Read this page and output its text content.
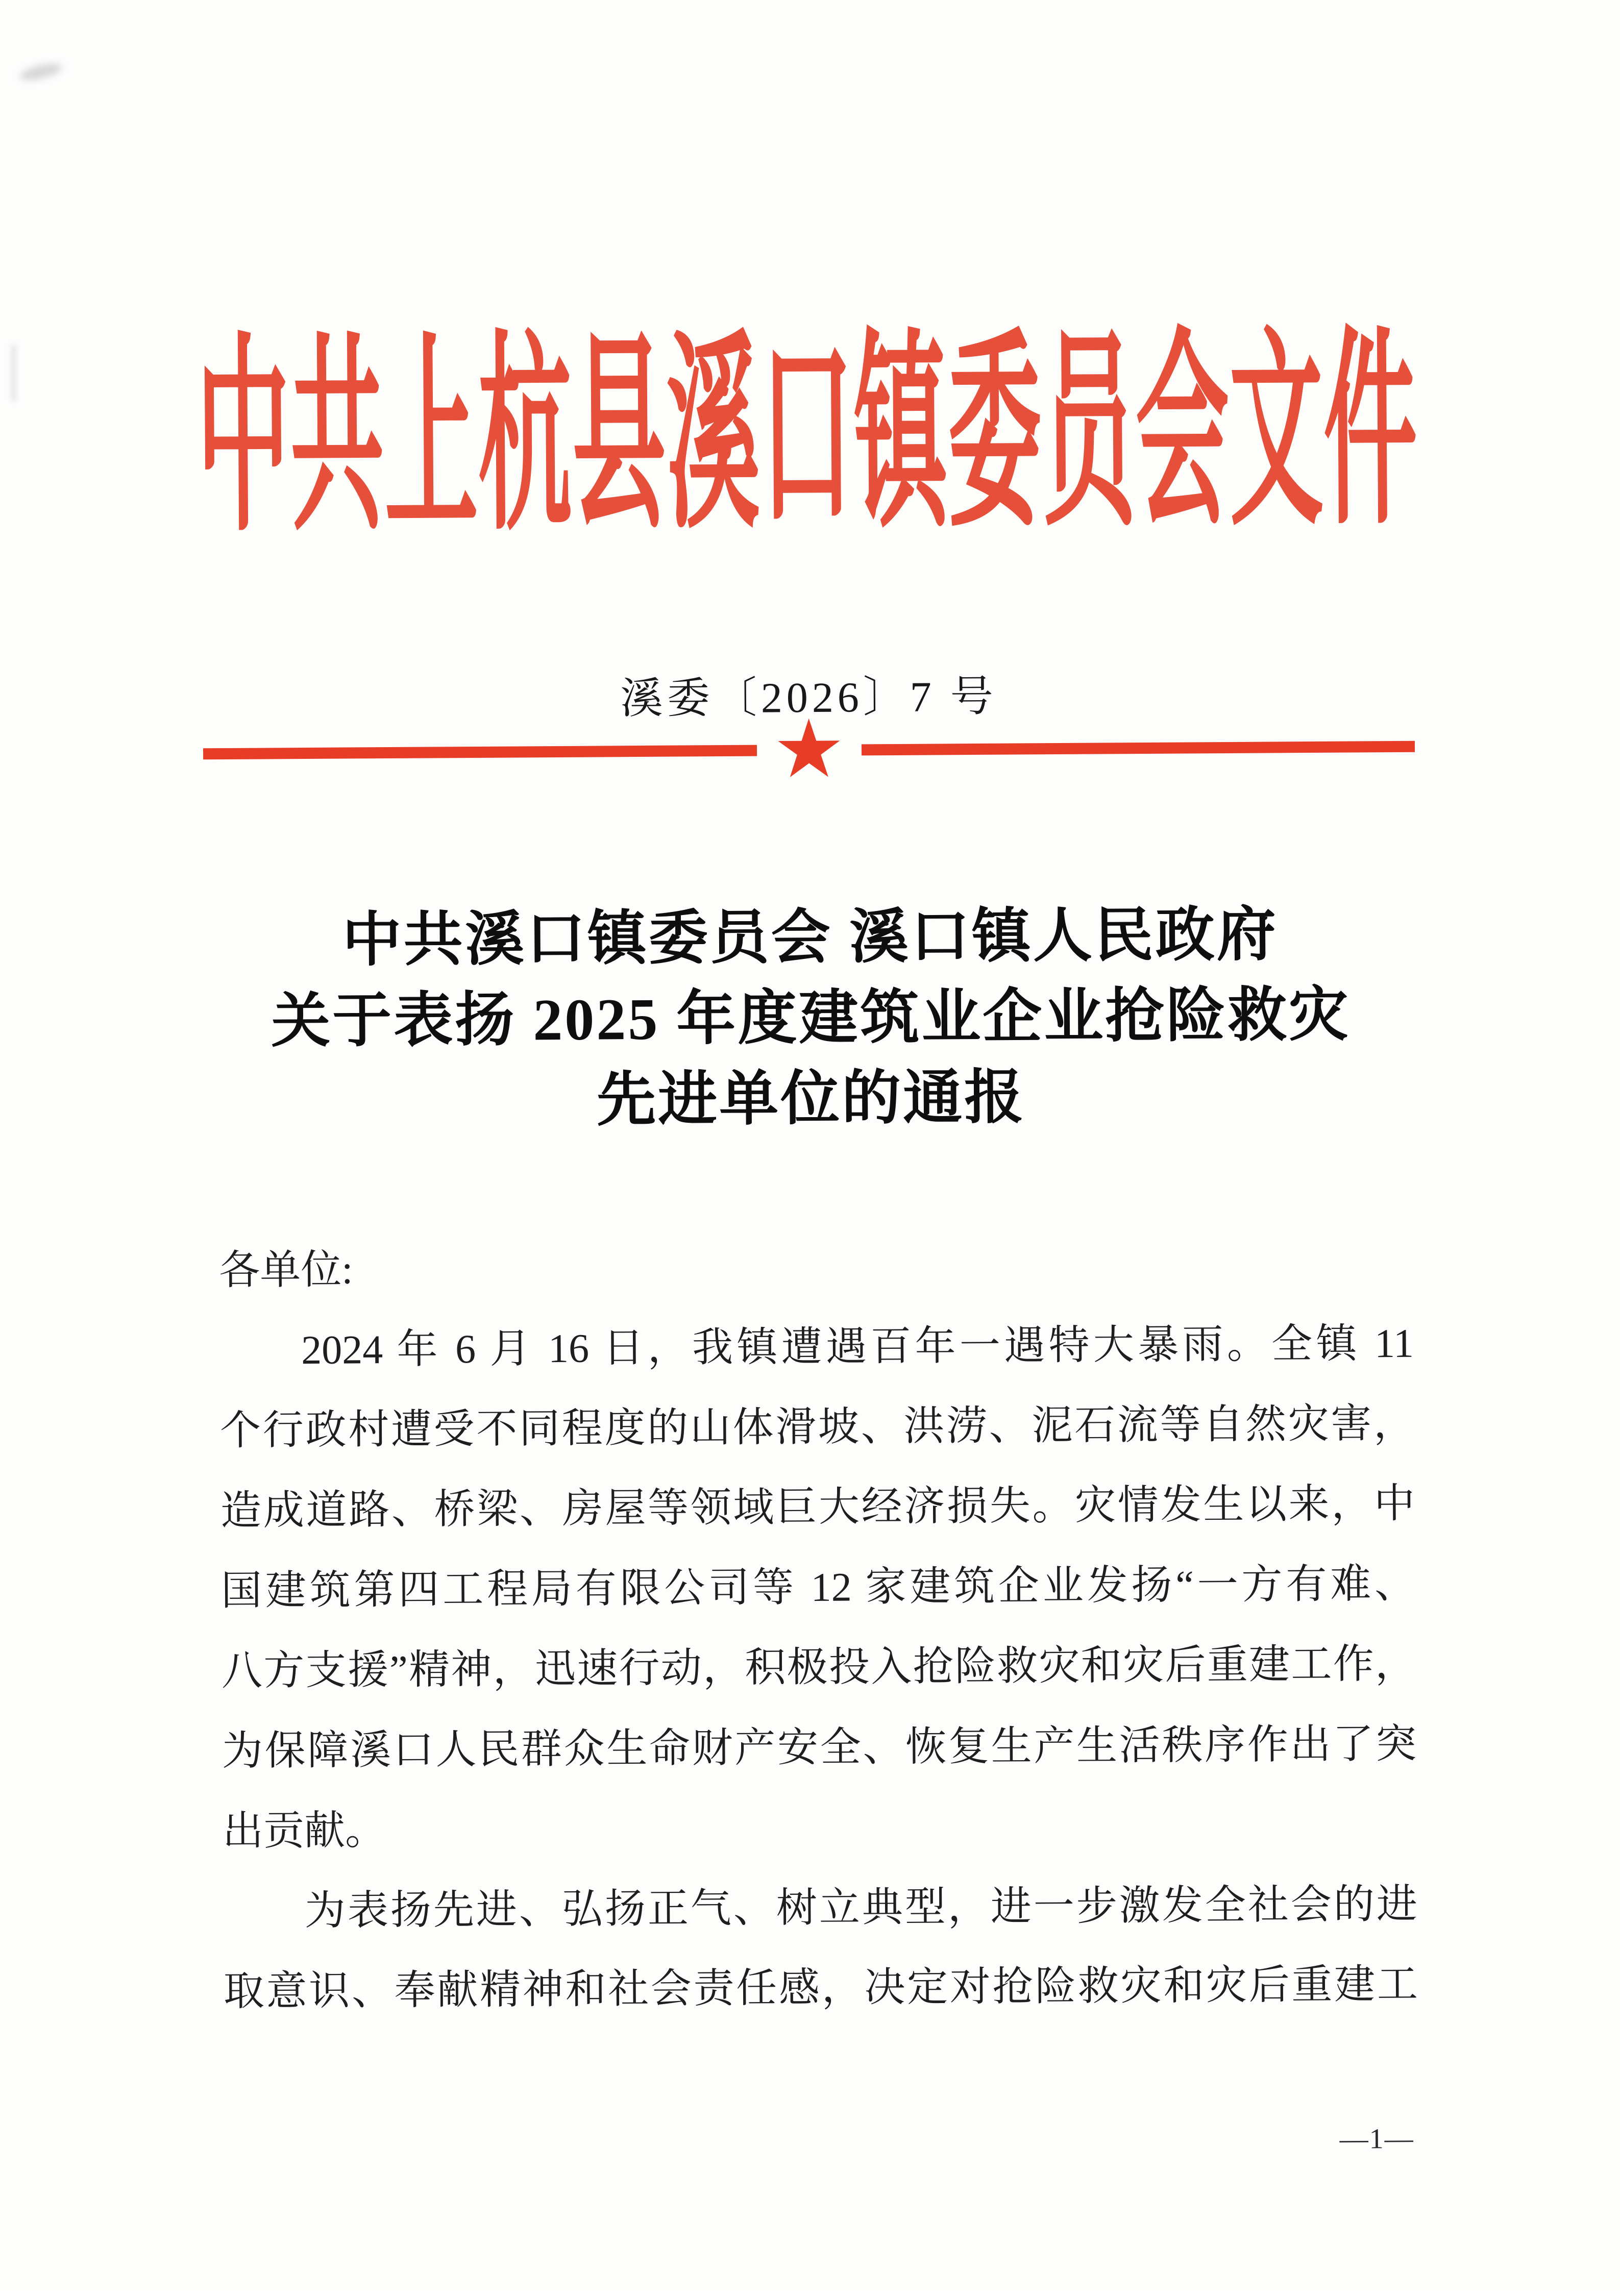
中共上杭县溪口镇委员会文件
溪委〔2026〕7 号
★
中共溪口镇委员会 溪口镇人民政府
关于表扬 2025 年度建筑业企业抢险救灾
先进单位的通报
各单位:
2024 年 6 月 16 日，我镇遭遇百年一遇特大暴雨。全镇 11
个行政村遭受不同程度的山体滑坡、洪涝、泥石流等自然灾害，
造成道路、桥梁、房屋等领域巨大经济损失。灾情发生以来，中
国建筑第四工程局有限公司等 12 家建筑企业发扬“一方有难、
八方支援”精神，迅速行动，积极投入抢险救灾和灾后重建工作，
为保障溪口人民群众生命财产安全、恢复生产生活秩序作出了突
出贡献。
为表扬先进、弘扬正气、树立典型，进一步激发全社会的进
取意识、奉献精神和社会责任感，决定对抢险救灾和灾后重建工
—1—
